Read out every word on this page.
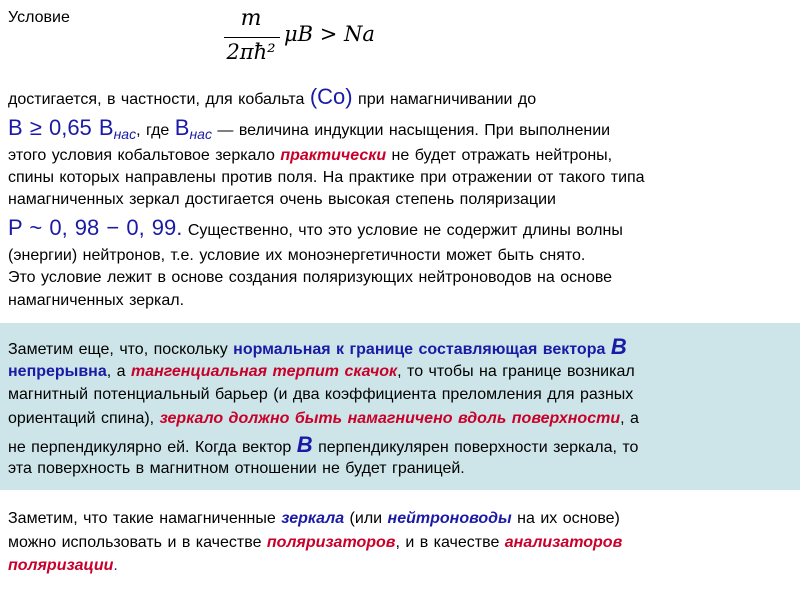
Условие	m
2πħ²
μB > Na
достигается, в частности, для кобальта (Co) при намагничивании до
B ≥ 0,65 Bнас, где Bнас — величина индукции насыщения. При выполнении
этого условия кобальтовое зеркало практически не будет отражать нейтроны,
спины которых направлены против поля. На практике при отражении от такого типа
намагниченных зеркал достигается очень высокая степень поляризации
P ~ 0, 98 − 0, 99. Существенно, что это условие не содержит длины волны
(энергии) нейтронов, т.е. условие их моноэнергетичности может быть снято.
Это условие лежит в основе создания поляризующих нейтроноводов на основе
намагниченных зеркал.
Заметим еще, что, поскольку нормальная к границе составляющая вектора B
непрерывна, а тангенциальная терпит скачок, то чтобы на границе возникал
магнитный потенциальный барьер (и два коэффициента преломления для разных
ориентаций спина), зеркало должно быть намагничено вдоль поверхности, а
не перпендикулярно ей. Когда вектор B перпендикулярен поверхности зеркала, то
эта поверхность в магнитном отношении не будет границей.
Заметим, что такие намагниченные зеркала (или нейтроноводы на их основе)
можно использовать и в качестве поляризаторов, и в качестве анализаторов
поляризации.
